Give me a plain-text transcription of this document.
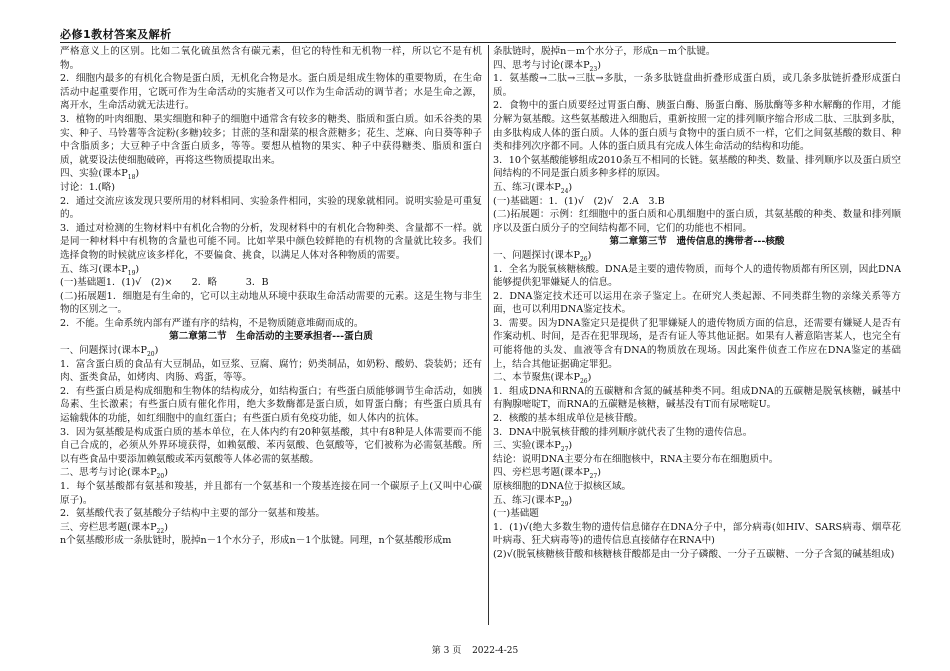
必修1教材答案及解析

严格意义上的区别。比如二氧化硫虽然含有碳元素，但它的特性和无机物一样，所以它不是有机物。

2．细胞内最多的有机化合物是蛋白质，无机化合物是水。蛋白质是组成生物体的重要物质，在生命活动中起重要作用，它既可作为生命活动的实施者又可以作为生命活动的调节者；水是生命之源，离开水，生命活动就无法进行。

3．植物的叶肉细胞、果实细胞和种子的细胞中通常含有较多的糖类、脂质和蛋白质。如禾谷类的果实、种子、马铃薯等含淀粉(多糖)较多；甘蔗的茎和甜菜的根含蔗糖多；花生、芝麻、向日葵等种子中含脂质多；大豆种子中含蛋白质多，等等。要想从植物的果实、种子中获得糖类、脂质和蛋白质，就要设法使细胞破碎，再将这些物质提取出来。

四、实验(课本$P_{18}$)

讨论：1.(略)

2．通过交流应该发现只要所用的材料相同、实验条件相同，实验的现象就相同。说明实验是可重复的。

3．通过对检测的生物材料中有机化合物的分析，发现材料中的有机化合物种类、含量都不一样。就是同一种材料中有机物的含量也可能不同。比如苹果中颜色较鲜艳的有机物的含量就比较多。我们选择食物的时候就应该多样化，不要偏食、挑食，以满足人体对各种物质的需要。

五、练习(课本$P_{19}$)

(一)基础题1．(1)√　(2)×　　2．略　　　3．B

(二)拓展题1．细胞是有生命的，它可以主动地从环境中获取生命活动需要的元素。这是生物与非生物的区别之一。

2．不能。生命系统内部有严谨有序的结构，不是物质随意堆砌而成的。

第二章第二节　生命活动的主要承担者---蛋白质

一、问题探讨(课本$P_{20}$)

1．富含蛋白质的食品有大豆制品，如豆浆、豆腐、腐竹；奶类制品，如奶粉、酸奶、袋装奶；还有肉、蛋类食品，如烤肉、肉肠、鸡蛋，等等。

2．有些蛋白质是构成细胞和生物体的结构成分，如结构蛋白；有些蛋白质能够调节生命活动，如胰岛素、生长激素；有些蛋白质有催化作用，绝大多数酶都是蛋白质，如胃蛋白酶；有些蛋白质具有运输载体的功能，如红细胞中的血红蛋白；有些蛋白质有免疫功能，如人体内的抗体。

3．因为氨基酸是构成蛋白质的基本单位，在人体内约有20种氨基酸，其中有8种是人体需要而不能自己合成的，必须从外界环境获得，如赖氨酸、苯丙氨酸、色氨酸等，它们被称为必需氨基酸。所以有些食品中要添加赖氨酸或苯丙氨酸等人体必需的氨基酸。

二、思考与讨论(课本$P_{20}$)

1．每个氨基酸都有氨基和羧基，并且都有一个氨基和一个羧基连接在同一个碳原子上(又叫中心碳原子)。

2．氨基酸代表了氨基酸分子结构中主要的部分一氨基和羧基。

三、旁栏思考题(课本$P_{22}$)

n个氨基酸形成一条肽链时，脱掉n－1个水分子，形成n－1个肽键。同理，n个氨基酸形成m

条肽链时，脱掉n－m个水分子，形成n－m个肽键。

四、思考与讨论(课本$P_{23}$)

1．氨基酸→二肽→三肽→多肽，一条多肽链盘曲折叠形成蛋白质，或几条多肽链折叠形成蛋白质。

2．食物中的蛋白质要经过胃蛋白酶、胰蛋白酶、肠蛋白酶、肠肽酶等多种水解酶的作用，才能分解为氨基酸。这些氨基酸进入细胞后，重新按照一定的排列顺序缩合形成二肽、三肽到多肽，由多肽构成人体的蛋白质。人体的蛋白质与食物中的蛋白质不一样，它们之间氨基酸的数目、种类和排列次序都不同。人体的蛋白质具有完成人体生命活动的结构和功能。

3．10个氨基酸能够组成2010条互不相同的长链。氨基酸的种类、数量、排列顺序以及蛋白质空间结构的不同是蛋白质多种多样的原因。

五、练习(课本$P_{24}$)

(一)基础题：1．(1)√　(2)√　2.A　3.B

(二)拓展题：示例：红细胞中的蛋白质和心肌细胞中的蛋白质，其氨基酸的种类、数量和排列顺序以及蛋白质分子的空间结构都不同，它们的功能也不相同。

第二章第三节　遗传信息的携带者---核酸

一、问题探讨(课本$P_{26}$)

1．全名为脱氧核糖核酸。DNA是主要的遗传物质，而每个人的遗传物质都有所区别，因此DNA能够提供犯罪嫌疑人的信息。

2．DNA鉴定技术还可以运用在亲子鉴定上。在研究人类起源、不同类群生物的亲缘关系等方面，也可以利用DNA鉴定技术。

3．需要。因为DNA鉴定只是提供了犯罪嫌疑人的遗传物质方面的信息，还需要有嫌疑人是否有作案动机、时间，是否在犯罪现场，是否有证人等其他证据。如果有人蓄意陷害某人，也完全有可能将他的头发、血液等含有DNA的物质放在现场。因此案件侦查工作应在DNA鉴定的基础上，结合其他证据确定罪犯。

二、本节聚焦(课本$P_{26}$)

1．组成DNA和RNA的五碳糖和含氮的碱基种类不同。组成DNA的五碳糖是脱氧核糖，碱基中有胸腺嘧啶T，而RNA的五碳糖是核糖，碱基没有T而有尿嘧啶U。

2．核酸的基本组成单位是核苷酸。

3．DNA中脱氧核苷酸的排列顺序就代表了生物的遗传信息。

三、实验(课本$P_{27}$)

结论：说明DNA主要分布在细胞核中，RNA主要分布在细胞质中。

四、旁栏思考题(课本$P_{27}$)

原核细胞的DNA位于拟核区域。

五、练习(课本$P_{29}$)

(一)基础题

1．(1)√(绝大多数生物的遗传信息储存在DNA分子中，部分病毒(如HIV、SARS病毒、烟草花叶病毒、狂犬病毒等)的遗传信息直接储存在RNA中)

(2)√(脱氧核糖核苷酸和核糖核苷酸都是由一分子磷酸、一分子五碳糖、一分子含氮的碱基组成)

第 3 页 2022-4-25
